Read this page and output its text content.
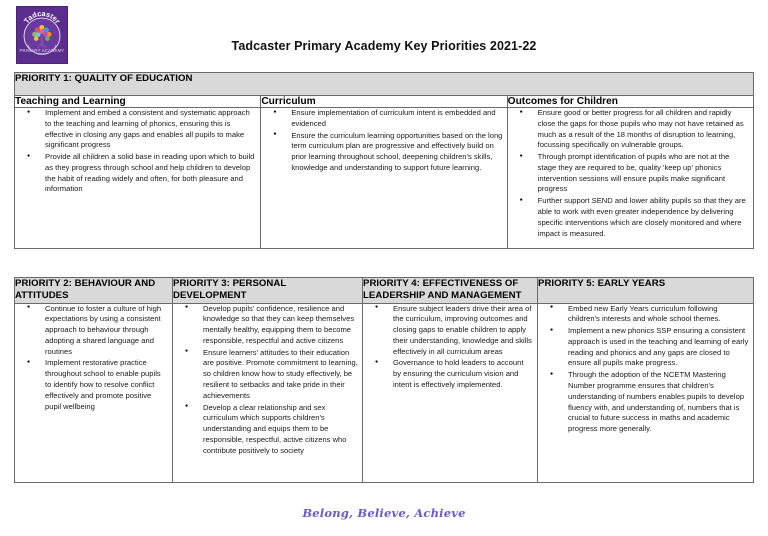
Tadcaster
PRIMARY ACADEMY	Tadcaster Primary Academy Key Priorities 2021-22
PRIORITY 1: QUALITY OF EDUCATION		
Teaching and Learning	Curriculum	Outcomes for Children

● Implement and embed a consistent and systematic approach to the teaching and learning of phonics, ensuring this is effective in closing any gaps and enables all pupils to make significant progress
● Provide all children a solid base in reading upon which to build as they progress through school and help children to develop the habit of reading widely and often, for both pleasure and information

● Ensure implementation of curriculum intent is embedded and evidenced
● Ensure the curriculum learning opportunities based on the long term curriculum plan are progressive and effectively build on prior learning throughout school, deepening children's skills, knowledge and understanding to support future learning.

● Ensure good or better progress for all children and rapidly close the gaps for those pupils who may not have retained as much as a result of the 18 months of disruption to learning, focussing specifically on vulnerable groups.
● Through prompt identification of pupils who are not at the stage they are required to be, quality 'keep up' phonics intervention sessions will ensure pupils make significant progress
● Further support SEND and lower ability pupils so that they are able to work with even greater independence by delivering specific interventions which are closely monitored and where impact is measured.
PRIORITY 2: BEHAVIOUR AND ATTITUDES	PRIORITY 3: PERSONAL DEVELOPMENT	PRIORITY 4: EFFECTIVENESS OF LEADERSHIP AND MANAGEMENT	PRIORITY 5: EARLY YEARS

● Continue to foster a culture of high expectations by using a consistent approach to behaviour through adopting a shared language and routines
● Implement restorative practice throughout school to enable pupils to identify how to resolve conflict effectively and promote positive pupil wellbeing

● Develop pupils' confidence, resilience and knowledge so that they can keep themselves mentally healthy, equipping them to become responsible, respectful and active citizens
● Ensure learners' attitudes to their education are positive. Promote commitment to learning, so children know how to study effectively, be resilient to setbacks and take pride in their achievements
● Develop a clear relationship and sex curriculum which supports children's understanding and equips them to be responsible, respectful, active citizens who contribute positively to society

● Ensure subject leaders drive their area of the curriculum, improving outcomes and closing gaps to enable children to apply their understanding, knowledge and skills effectively in all curriculum areas
● Governance to hold leaders to account by ensuring the curriculum vision and intent is effectively implemented.

● Embed new Early Years curriculum following children's interests and whole school themes.
● Implement a new phonics SSP ensuring a consistent approach is used in the teaching and learning of early reading and phonics and any gaps are closed to ensure all pupils make progress.
● Through the adoption of the NCETM Mastering Number programme ensures that children's understanding of numbers enables pupils to develop fluency with, and understanding of, numbers that is crucial to future success in maths and academic progress more generally.
Belong, Believe, Achieve
